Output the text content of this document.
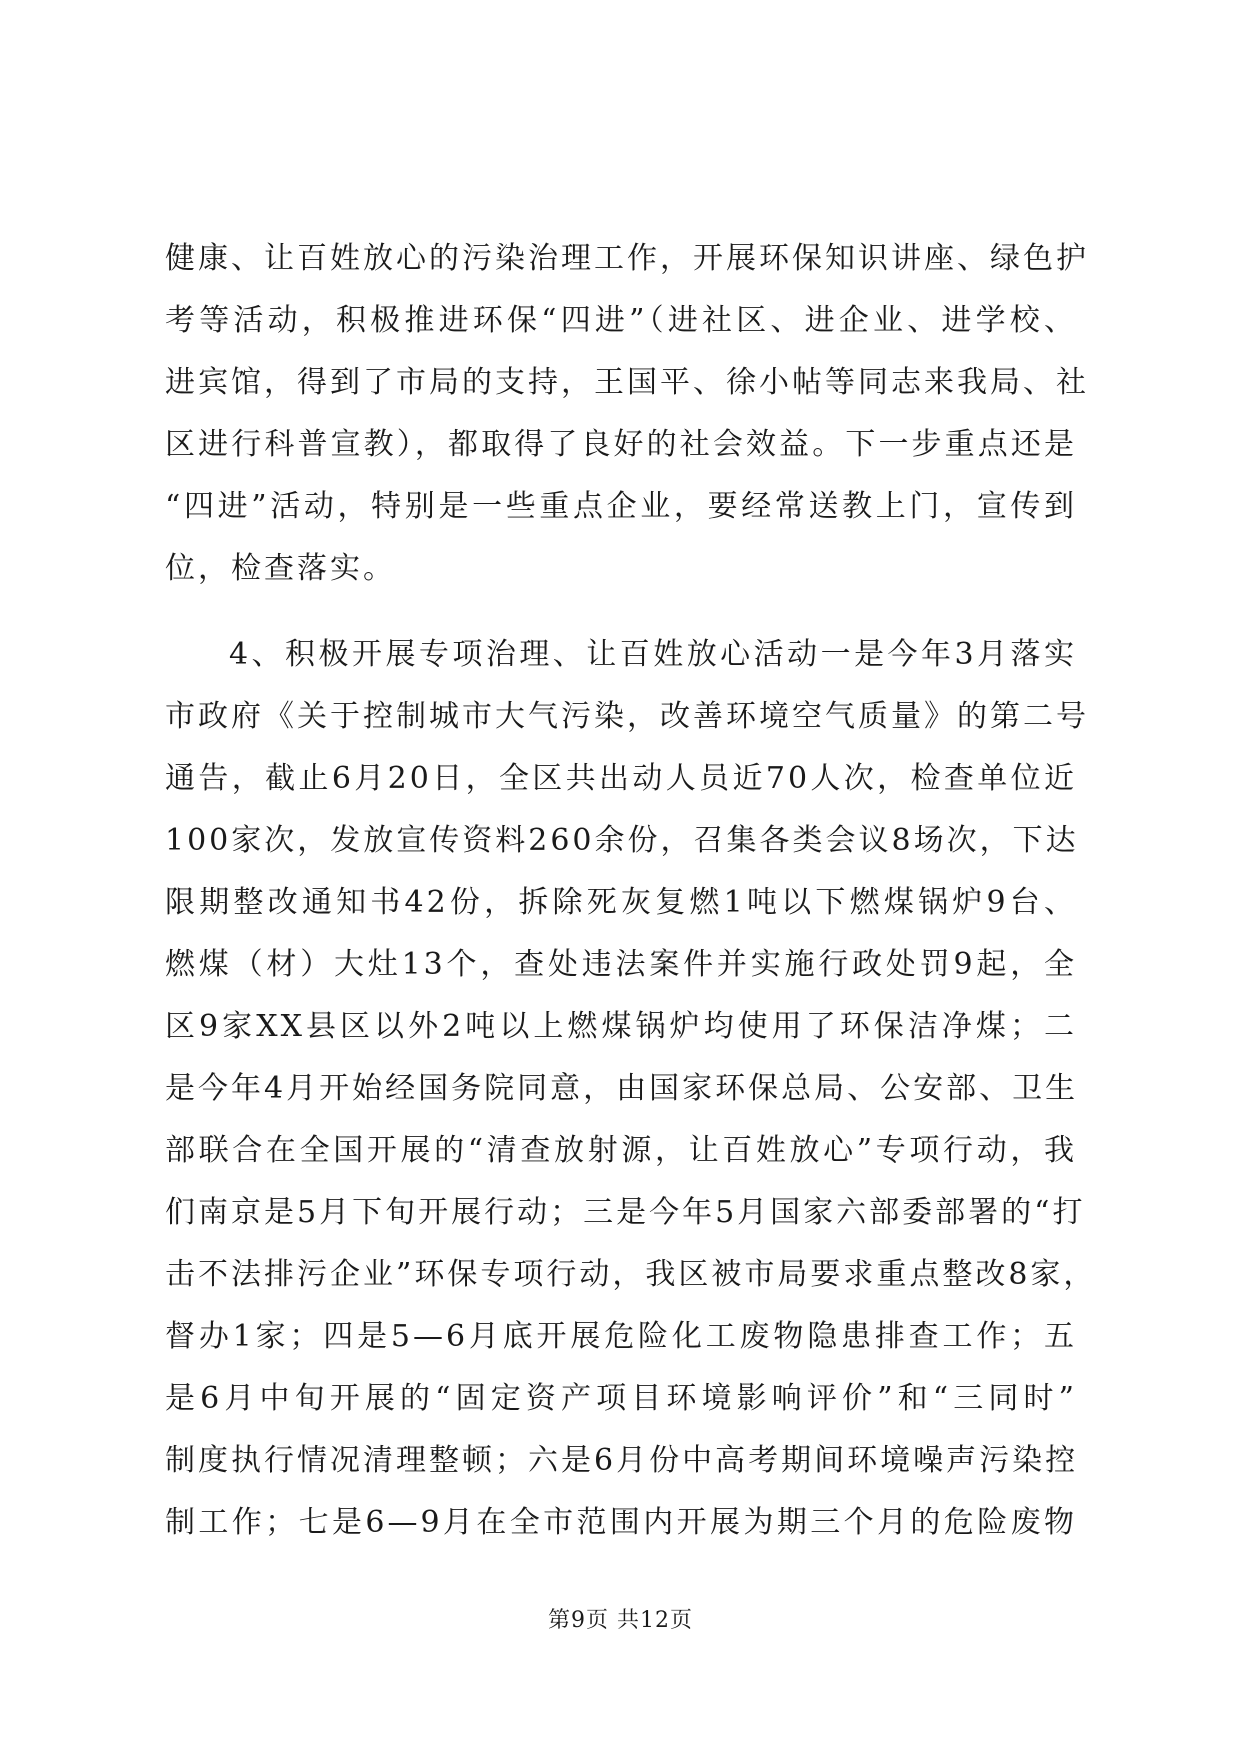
健康、让百姓放心的污染治理工作，开展环保知识讲座、绿色护
考等活动，积极推进环保“四进”（进社区、进企业、进学校、
进宾馆，得到了市局的支持，王国平、徐小帖等同志来我局、社
区进行科普宣教），都取得了良好的社会效益。下一步重点还是
“四进”活动，特别是一些重点企业，要经常送教上门，宣传到
位，检查落实。
4、积极开展专项治理、让百姓放心活动一是今年3月落实
市政府《关于控制城市大气污染，改善环境空气质量》的第二号
通告，截止6月20日，全区共出动人员近70人次，检查单位近
100家次，发放宣传资料260余份，召集各类会议8场次，下达
限期整改通知书42份，拆除死灰复燃1吨以下燃煤锅炉9台、
燃煤（材）大灶13个，查处违法案件并实施行政处罚9起，全
区9家XX县区以外2吨以上燃煤锅炉均使用了环保洁净煤；二
是今年4月开始经国务院同意，由国家环保总局、公安部、卫生
部联合在全国开展的“清查放射源，让百姓放心”专项行动，我
们南京是5月下旬开展行动；三是今年5月国家六部委部署的“打
击不法排污企业”环保专项行动，我区被市局要求重点整改8家，
督办1家；四是5—6月底开展危险化工废物隐患排查工作；五
是6月中旬开展的“固定资产项目环境影响评价”和“三同时”
制度执行情况清理整顿；六是6月份中高考期间环境噪声污染控
制工作；七是6—9月在全市范围内开展为期三个月的危险废物
第9页 共12页
